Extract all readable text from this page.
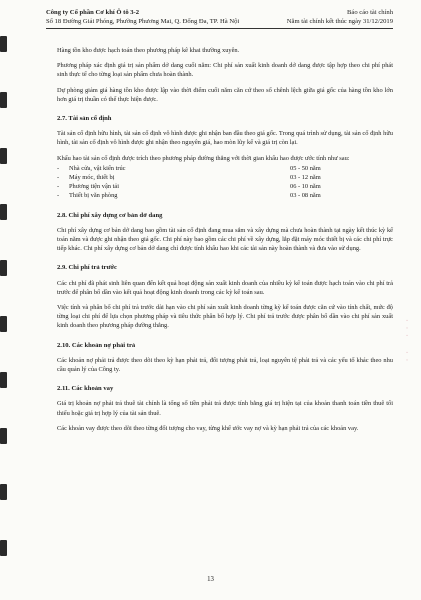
◦ ◦ ◦
◦ ◦
Công ty Cổ phần Cơ khí Ô tô 3-2	Báo cáo tài chính
Số 18 Đường Giải Phóng, Phường Phương Mai, Q. Đống Đa, TP. Hà Nội	Năm tài chính kết thúc ngày 31/12/2019

Hàng tồn kho được hạch toán theo phương pháp kê khai thường xuyên.

Phương pháp xác định giá trị sản phẩm dở dang cuối năm: Chi phí sản xuất kinh doanh dở dang được tập hợp theo chi phí phát sinh thực tế cho từng loại sản phẩm chưa hoàn thành.

Dự phòng giảm giá hàng tồn kho được lập vào thời điểm cuối năm căn cứ theo số chênh lệch giữa giá gốc của hàng tồn kho lớn hơn giá trị thuần có thể thực hiện được.

2.7. Tài sản cố định

Tài sản cố định hữu hình, tài sản cố định vô hình được ghi nhận ban đầu theo giá gốc. Trong quá trình sử dụng, tài sản cố định hữu hình, tài sản cố định vô hình được ghi nhận theo nguyên giá, hao mòn lũy kế và giá trị còn lại.

Khấu hao tài sản cố định được trích theo phương pháp đường thẳng với thời gian khấu hao được ước tính như sau:

-	Nhà cửa, vật kiến trúc	05 - 50 năm
-	Máy móc, thiết bị	03 - 12 năm
-	Phương tiện vận tải	06 - 10 năm
-	Thiết bị văn phòng	03 - 08 năm
2.8. Chi phí xây dựng cơ bản dở dang

Chi phí xây dựng cơ bản dở dang bao gồm tài sản cố định đang mua sắm và xây dựng mà chưa hoàn thành tại ngày kết thúc kỳ kế toán năm và được ghi nhận theo giá gốc. Chi phí này bao gồm các chi phí về xây dựng, lắp đặt máy móc thiết bị và các chi phí trực tiếp khác. Chi phí xây dựng cơ bản dở dang chỉ được tính khấu hao khi các tài sản này hoàn thành và đưa vào sử dụng.

2.9. Chi phí trả trước

Các chi phí đã phát sinh liên quan đến kết quả hoạt động sản xuất kinh doanh của nhiều kỳ kế toán được hạch toán vào chi phí trả trước để phân bổ dần vào kết quả hoạt động kinh doanh trong các kỳ kế toán sau.

Việc tính và phân bổ chi phí trả trước dài hạn vào chi phí sản xuất kinh doanh từng kỳ kế toán được căn cứ vào tính chất, mức độ từng loại chi phí để lựa chọn phương pháp và tiêu thức phân bổ hợp lý. Chi phí trả trước được phân bổ dần vào chi phí sản xuất kinh doanh theo phương pháp đường thẳng.

2.10. Các khoản nợ phải trả

Các khoản nợ phải trả được theo dõi theo kỳ hạn phải trả, đối tượng phải trả, loại nguyên tệ phải trả và các yếu tố khác theo nhu cầu quản lý của Công ty.

2.11. Các khoản vay

Giá trị khoản nợ phải trả thuê tài chính là tổng số tiền phải trả được tính bằng giá trị hiện tại của khoản thanh toán tiền thuê tối thiểu hoặc giá trị hợp lý của tài sản thuê.

Các khoản vay được theo dõi theo từng đối tượng cho vay, từng khế ước vay nợ và kỳ hạn phải trả của các khoản vay.

13
